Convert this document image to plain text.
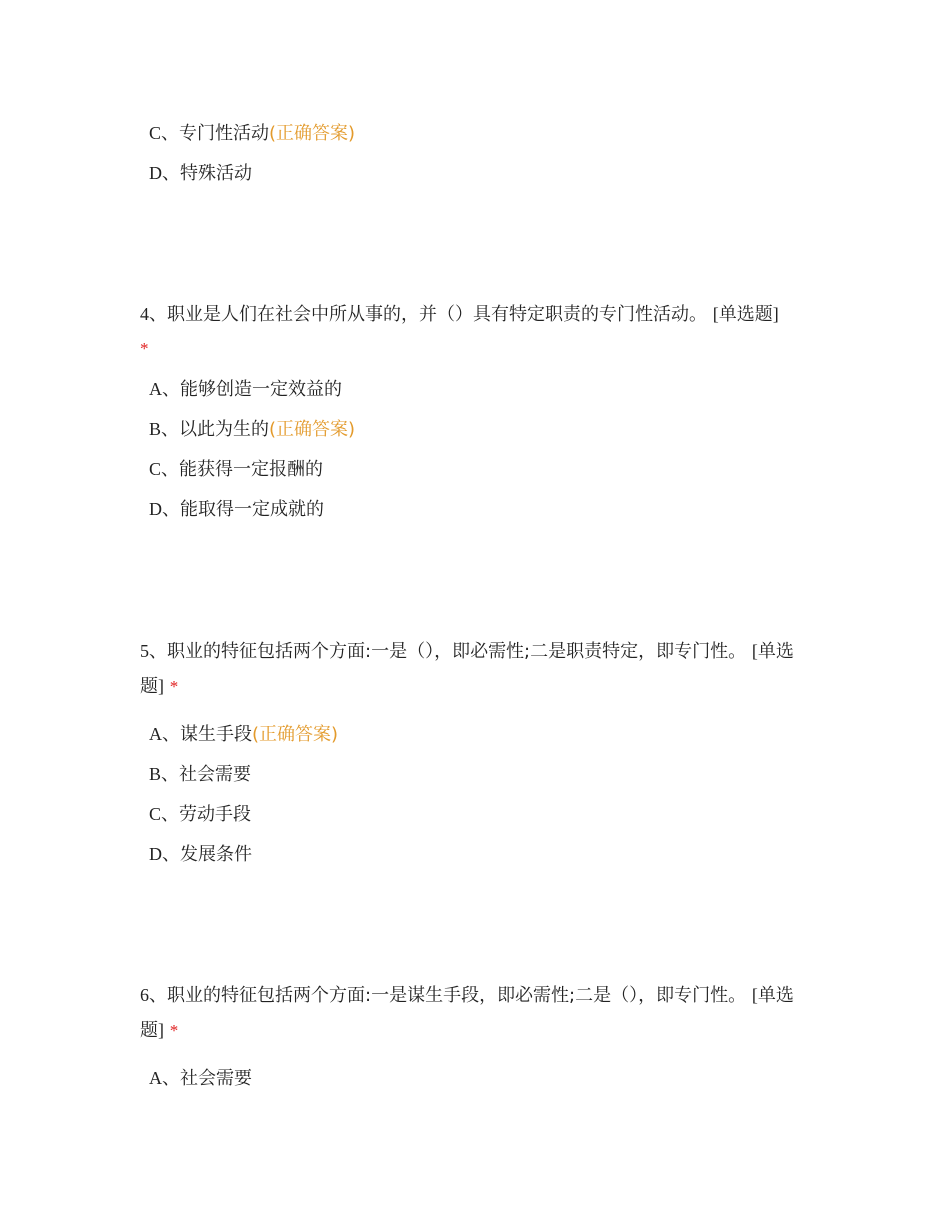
C、专门性活动(正确答案)
D、特殊活动
4、职业是人们在社会中所从事的，并（）具有特定职责的专门性活动。 [单选题]
*
A、能够创造一定效益的
B、以此为生的(正确答案)
C、能获得一定报酬的
D、能取得一定成就的
5、职业的特征包括两个方面:一是（），即必需性;二是职责特定，即专门性。 [单选题] *
A、谋生手段(正确答案)
B、社会需要
C、劳动手段
D、发展条件
6、职业的特征包括两个方面:一是谋生手段，即必需性;二是（），即专门性。 [单选题] *
A、社会需要
